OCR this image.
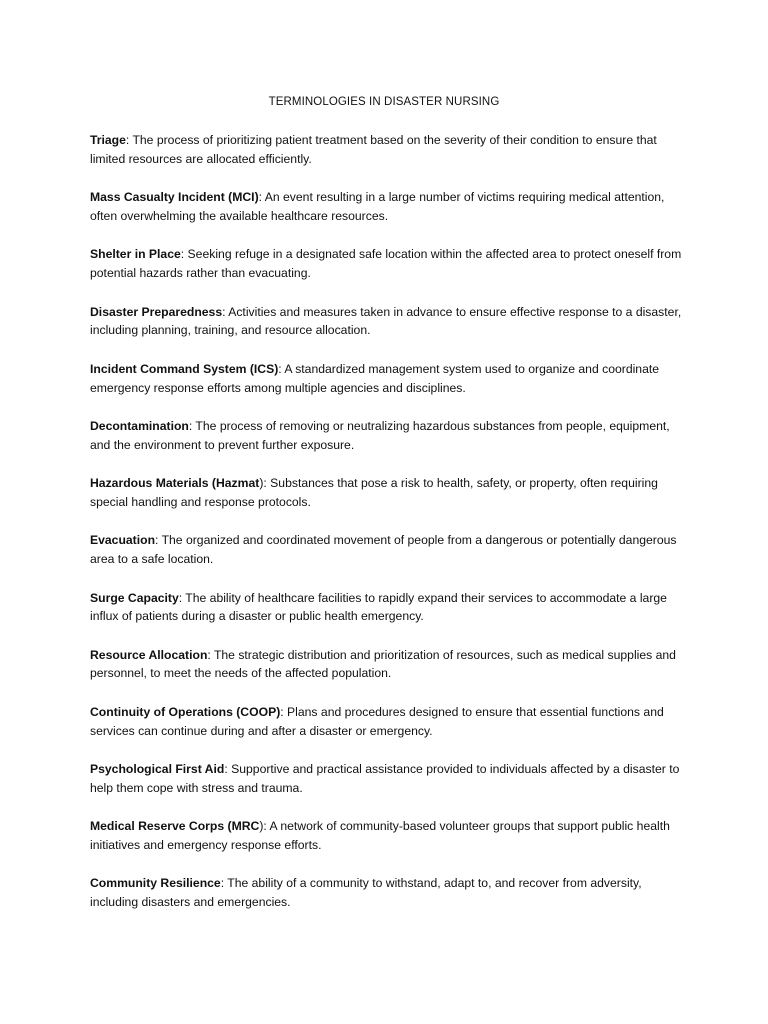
TERMINOLOGIES IN DISASTER NURSING

Triage: The process of prioritizing patient treatment based on the severity of their condition to ensure that limited resources are allocated efficiently.

Mass Casualty Incident (MCI): An event resulting in a large number of victims requiring medical attention, often overwhelming the available healthcare resources.

Shelter in Place: Seeking refuge in a designated safe location within the affected area to protect oneself from potential hazards rather than evacuating.

Disaster Preparedness: Activities and measures taken in advance to ensure effective response to a disaster, including planning, training, and resource allocation.

Incident Command System (ICS): A standardized management system used to organize and coordinate emergency response efforts among multiple agencies and disciplines.

Decontamination: The process of removing or neutralizing hazardous substances from people, equipment, and the environment to prevent further exposure.

Hazardous Materials (Hazmat): Substances that pose a risk to health, safety, or property, often requiring special handling and response protocols.

Evacuation: The organized and coordinated movement of people from a dangerous or potentially dangerous area to a safe location.

Surge Capacity: The ability of healthcare facilities to rapidly expand their services to accommodate a large influx of patients during a disaster or public health emergency.

Resource Allocation: The strategic distribution and prioritization of resources, such as medical supplies and personnel, to meet the needs of the affected population.

Continuity of Operations (COOP): Plans and procedures designed to ensure that essential functions and services can continue during and after a disaster or emergency.

Psychological First Aid: Supportive and practical assistance provided to individuals affected by a disaster to help them cope with stress and trauma.

Medical Reserve Corps (MRC): A network of community-based volunteer groups that support public health initiatives and emergency response efforts.

Community Resilience: The ability of a community to withstand, adapt to, and recover from adversity, including disasters and emergencies.
